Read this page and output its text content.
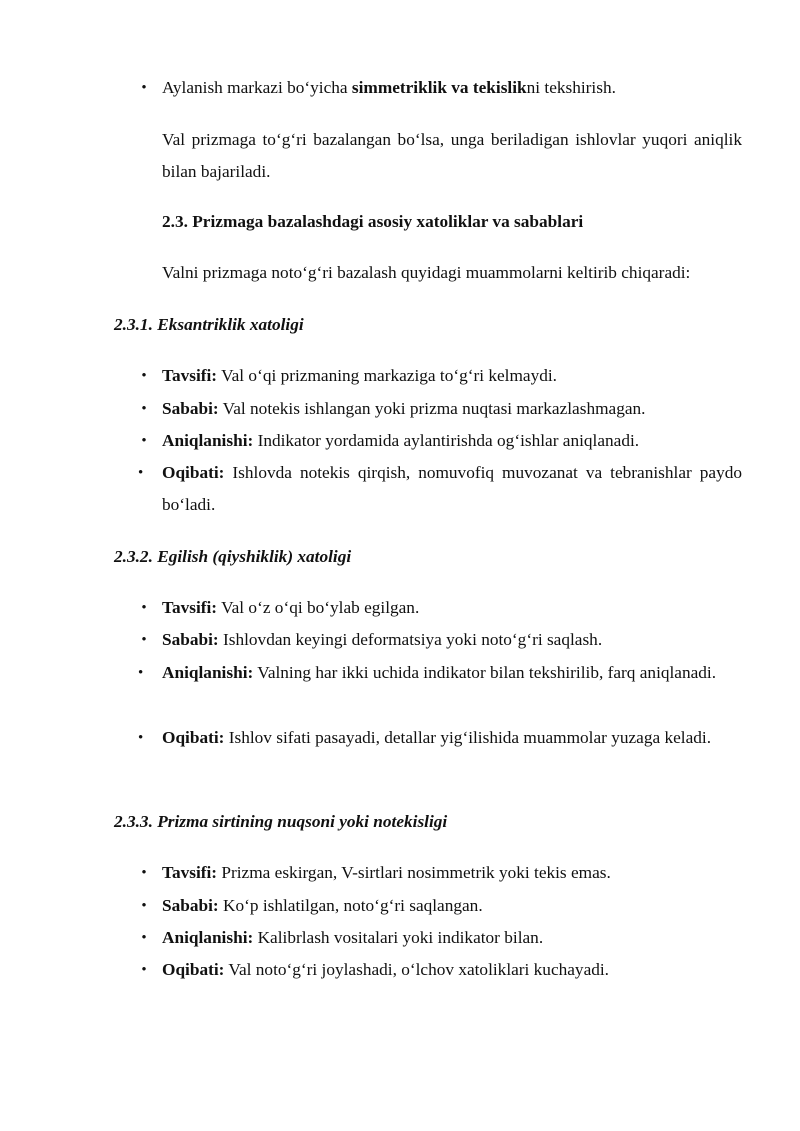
• Aylanish markazi bo‘yicha simmetriklik va tekislikni tekshirish.
Val prizmaga to‘g‘ri bazalangan bo‘lsa, unga beriladigan ishlovlar yuqori aniqlik bilan bajariladi.
2.3. Prizmaga bazalashdagi asosiy xatoliklar va sabablari
Valni prizmaga noto‘g‘ri bazalash quyidagi muammolarni keltirib chiqaradi:
2.3.1. Eksantriklik xatoligi
• Tavsifi: Val o‘qi prizmaning markaziga to‘g‘ri kelmaydi.
• Sababi: Val notekis ishlangan yoki prizma nuqtasi markazlashmagan.
• Aniqlanishi: Indikator yordamida aylantirishda og‘ishlar aniqlanadi.
•	Oqibati: Ishlovda notekis qirqish, nomuvofiq muvozanat va tebranishlar paydo bo‘ladi.
2.3.2. Egilish (qiyshiklik) xatoligi
• Tavsifi: Val o‘z o‘qi bo‘ylab egilgan.
• Sababi: Ishlovdan keyingi deformatsiya yoki noto‘g‘ri saqlash.
•	Aniqlanishi: Valning har ikki uchida indikator bilan tekshirilib, farq aniqlanadi.
•	Oqibati: Ishlov sifati pasayadi, detallar yig‘ilishida muammolar yuzaga keladi.
2.3.3. Prizma sirtining nuqsoni yoki notekisligi
• Tavsifi: Prizma eskirgan, V-sirtlari nosimmetrik yoki tekis emas.
• Sababi: Ko‘p ishlatilgan, noto‘g‘ri saqlangan.
• Aniqlanishi: Kalibrlash vositalari yoki indikator bilan.
• Oqibati: Val noto‘g‘ri joylashadi, o‘lchov xatoliklari kuchayadi.
